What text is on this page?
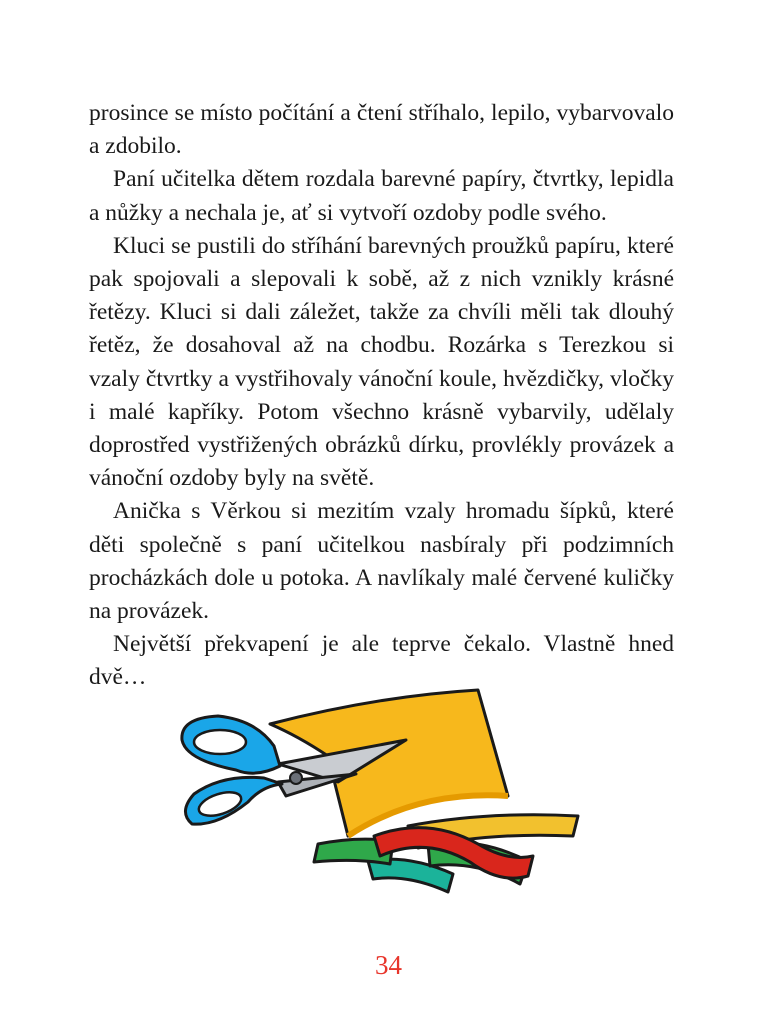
prosince se místo počítání a čtení stříhalo, lepilo, vybarvovalo a zdobilo.

Paní učitelka dětem rozdala barevné papíry, čtvrtky, lepidla a nůžky a nechala je, ať si vytvoří ozdoby podle svého.

Kluci se pustili do stříhání barevných proužků papíru, které pak spojovali a slepovali k sobě, až z nich vznikly krásné řetězy. Kluci si dali záležet, takže za chvíli měli tak dlouhý řetěz, že dosahoval až na chodbu. Rozárka s Terezkou si vzaly čtvrtky a vystřihovaly vánoční koule, hvězdičky, vločky i malé kapříky. Potom všechno krásně vybarvily, udělaly doprostřed vystřižených obrázků dírku, provlékly provázek a vánoční ozdoby byly na světě.

Anička s Věrkou si mezitím vzaly hromadu šípků, které děti společně s paní učitelkou nasbíraly při podzimních procházkách dole u potoka. A navlíkaly malé červené kuličky na provázek.

Největší překvapení je ale teprve čekalo. Vlastně hned dvě…

34
